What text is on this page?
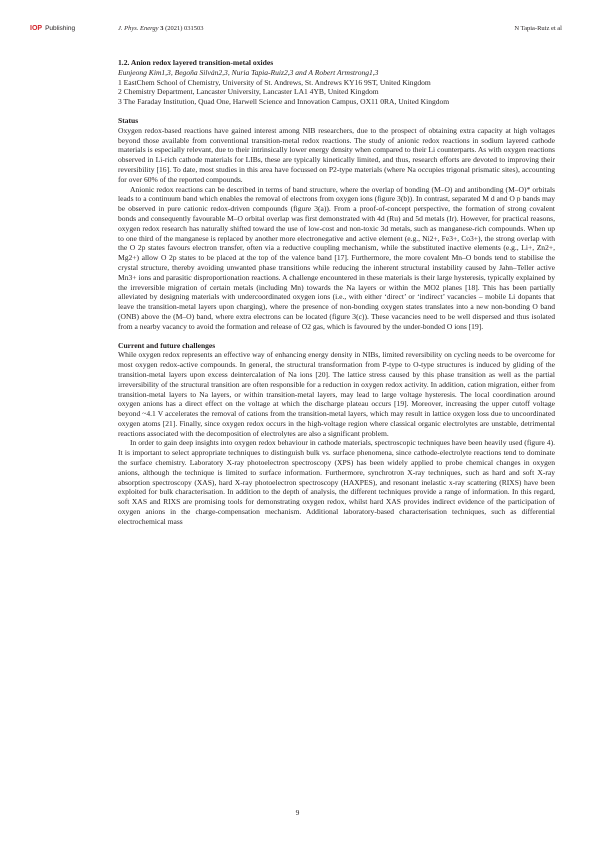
IOP Publishing	J. Phys. Energy 3 (2021) 031503	N Tapia-Ruiz et al
1.2. Anion redox layered transition-metal oxides
Eunjeong Kim1,3, Begoña Silván2,3, Nuria Tapia-Ruiz2,3 and A Robert Armstrong1,3
1 EastChem School of Chemistry, University of St. Andrews, St. Andrews KY16 9ST, United Kingdom
2 Chemistry Department, Lancaster University, Lancaster LA1 4YB, United Kingdom
3 The Faraday Institution, Quad One, Harwell Science and Innovation Campus, OX11 0RA, United Kingdom
Status

Oxygen redox-based reactions have gained interest among NIB researchers, due to the prospect of obtaining extra capacity at high voltages beyond those available from conventional transition-metal redox reactions. The study of anionic redox reactions in sodium layered cathode materials is especially relevant, due to their intrinsically lower energy density when compared to their Li counterparts. As with oxygen reactions observed in Li-rich cathode materials for LIBs, these are typically kinetically limited, and thus, research efforts are devoted to improving their reversibility [16]. To date, most studies in this area have focussed on P2-type materials (where Na occupies trigonal prismatic sites), accounting for over 60% of the reported compounds.

Anionic redox reactions can be described in terms of band structure, where the overlap of bonding (M–O) and antibonding (M–O)* orbitals leads to a continuum band which enables the removal of electrons from oxygen ions (figure 3(b)). In contrast, separated M d and O p bands may be observed in pure cationic redox-driven compounds (figure 3(a)). From a proof-of-concept perspective, the formation of strong covalent bonds and consequently favourable M–O orbital overlap was first demonstrated with 4d (Ru) and 5d metals (Ir). However, for practical reasons, oxygen redox research has naturally shifted toward the use of low-cost and non-toxic 3d metals, such as manganese-rich compounds. When up to one third of the manganese is replaced by another more electronegative and active element (e.g., Ni2+, Fe3+, Co3+), the strong overlap with the O 2p states favours electron transfer, often via a reductive coupling mechanism, while the substituted inactive elements (e.g., Li+, Zn2+, Mg2+) allow O 2p states to be placed at the top of the valence band [17]. Furthermore, the more covalent Mn–O bonds tend to stabilise the crystal structure, thereby avoiding unwanted phase transitions while reducing the inherent structural instability caused by Jahn–Teller active Mn3+ ions and parasitic disproportionation reactions. A challenge encountered in these materials is their large hysteresis, typically explained by the irreversible migration of certain metals (including Mn) towards the Na layers or within the MO2 planes [18]. This has been partially alleviated by designing materials with undercoordinated oxygen ions (i.e., with either ‘direct’ or ‘indirect’ vacancies – mobile Li dopants that leave the transition-metal layers upon charging), where the presence of non-bonding oxygen states translates into a new non-bonding O band (ONB) above the (M–O) band, where extra electrons can be located (figure 3(c)). These vacancies need to be well dispersed and thus isolated from a nearby vacancy to avoid the formation and release of O2 gas, which is favoured by the under-bonded O ions [19].

Current and future challenges

While oxygen redox represents an effective way of enhancing energy density in NIBs, limited reversibility on cycling needs to be overcome for most oxygen redox-active compounds. In general, the structural transformation from P-type to O-type structures is induced by gliding of the transition-metal layers upon excess deintercalation of Na ions [20]. The lattice stress caused by this phase transition as well as the partial irreversibility of the structural transition are often responsible for a reduction in oxygen redox activity. In addition, cation migration, either from transition-metal layers to Na layers, or within transition-metal layers, may lead to large voltage hysteresis. The local coordination around oxygen anions has a direct effect on the voltage at which the discharge plateau occurs [19]. Moreover, increasing the upper cutoff voltage beyond ~4.1 V accelerates the removal of cations from the transition-metal layers, which may result in lattice oxygen loss due to uncoordinated oxygen atoms [21]. Finally, since oxygen redox occurs in the high-voltage region where classical organic electrolytes are unstable, detrimental reactions associated with the decomposition of electrolytes are also a significant problem.

In order to gain deep insights into oxygen redox behaviour in cathode materials, spectroscopic techniques have been heavily used (figure 4). It is important to select appropriate techniques to distinguish bulk vs. surface phenomena, since cathode-electrolyte reactions tend to dominate the surface chemistry. Laboratory X-ray photoelectron spectroscopy (XPS) has been widely applied to probe chemical changes in oxygen anions, although the technique is limited to surface information. Furthermore, synchrotron X-ray techniques, such as hard and soft X-ray absorption spectroscopy (XAS), hard X-ray photoelectron spectroscopy (HAXPES), and resonant inelastic x-ray scattering (RIXS) have been exploited for bulk characterisation. In addition to the depth of analysis, the different techniques provide a range of information. In this regard, soft XAS and RIXS are promising tools for demonstrating oxygen redox, whilst hard XAS provides indirect evidence of the participation of oxygen anions in the charge-compensation mechanism. Additional laboratory-based characterisation techniques, such as differential electrochemical mass

9
